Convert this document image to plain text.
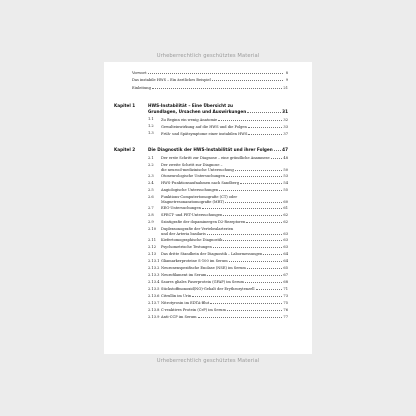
Urheberrechtlich geschütztes Material
Vorwort	8
Das instabile HWS – Ein ärztliches Beispiel	9
Einleitung	21
Kapitel 1	HWS-Instabilität – Eine Übersicht zu
Grundlagen, Ursachen und Auswirkungen	31
1.1 Zu Beginn ein wenig Anatomie	32
1.2 Gewalteinwirkung auf die HWS und die Folgen	33
1.3 Früh- und Spätsymptome einer instabilen HWS	37
Kapitel 2	Die Diagnostik der HWS-Instabilität und ihrer Folgen 47
2.1 Der erste Schritt zur Diagnose – eine gründliche Anamnese	48
2.2 Der zweite Schritt zur Diagnose –
die neurool-medizinische Untersuchung	50
2.3 Otoneurologische Untersuchungen	53
2.4 HWS-Funktionsaufnahmen nach Sandberg	54
2.5 Angiologische Untersuchungen	55
2.6 Funktions-Computertomografie (CT) oder
Magnetresonanztomografie (MRT)	60
2.7 EEG-Untersuchungen	61
2.8 SPECT- und PET-Untersuchungen	62
2.9 Szintigrafie der dopaminergen D2-Rezeptoren	62
2.10 Duplexsonografie der Vertebralarterien
und der Arteria basilaris	63
2.11 Kiefertomographische Diagnostik	63
2.12 Psychometrische Testungen	63
2.13 Das dritte Standbein der Diagnostik – Labormessungen	64
2.13.1 Gliamarkerproteine S-100 im Serum	64
2.13.2 Neuronenspezifische Enolase (NSE) im Serum	65
2.13.3 Neurofilament im Serum	67
2.13.4 Saures gliales Faserprotein (GFAP) im Serum	68
2.13.5 Stickstoffmonoxid(NO)-Gehalt der Erythrozytenzell	71
2.13.6 Citrullin im Urin	73
2.13.7 Nitrotyrosin im EDTA-Blut	75
2.13.8 C-reaktives Protein (CrP) im Serum	76
2.13.9 Anti-CCP im Serum	77
Urheberrechtlich geschütztes Material
